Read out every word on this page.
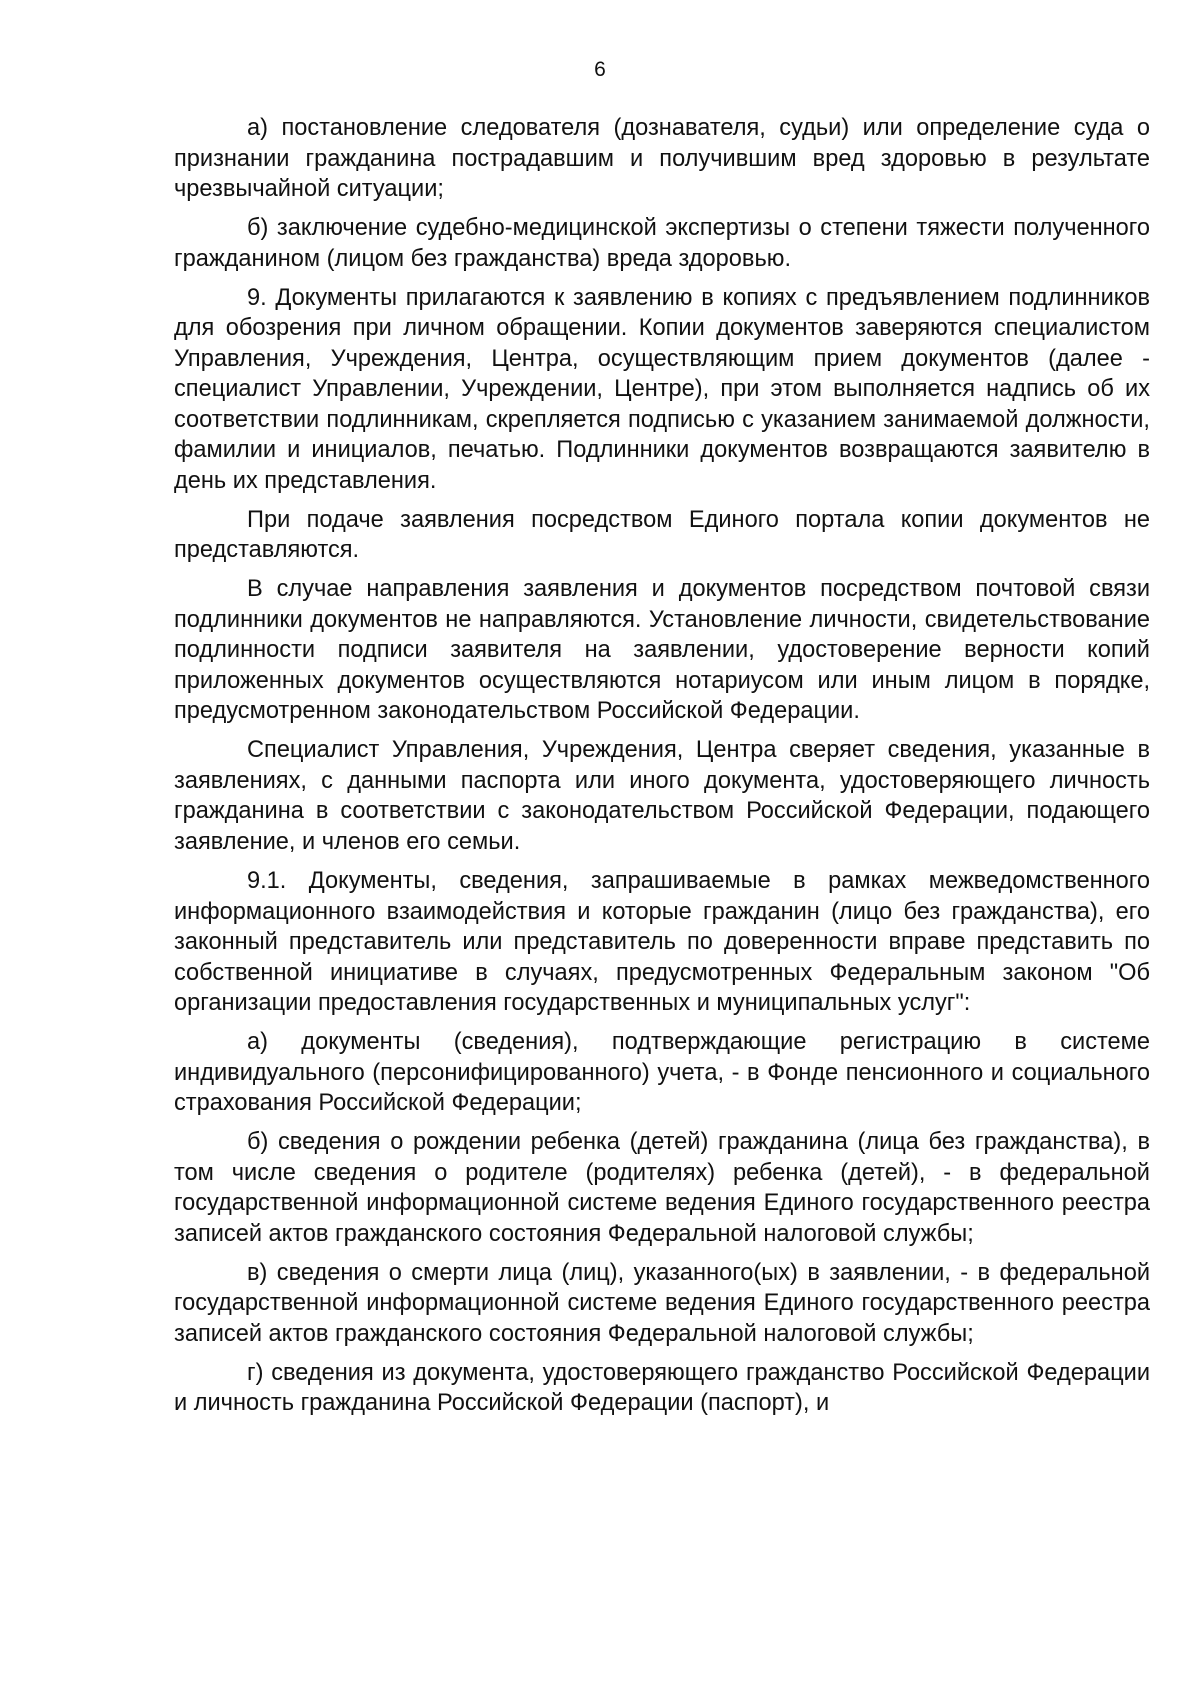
6

а) постановление следователя (дознавателя, судьи) или определение суда о признании гражданина пострадавшим и получившим вред здоровью в результате чрезвычайной ситуации;

б) заключение судебно-медицинской экспертизы о степени тяжести полученного гражданином (лицом без гражданства) вреда здоровью.

9. Документы прилагаются к заявлению в копиях с предъявлением подлинников для обозрения при личном обращении. Копии документов заверяются специалистом Управления, Учреждения, Центра, осуществляющим прием документов (далее - специалист Управлении, Учреждении, Центре), при этом выполняется надпись об их соответствии подлинникам, скрепляется подписью с указанием занимаемой должности, фамилии и инициалов, печатью. Подлинники документов возвращаются заявителю в день их представления.

При подаче заявления посредством Единого портала копии документов не представляются.

В случае направления заявления и документов посредством почтовой связи подлинники документов не направляются. Установление личности, свидетельствование подлинности подписи заявителя на заявлении, удостоверение верности копий приложенных документов осуществляются нотариусом или иным лицом в порядке, предусмотренном законодательством Российской Федерации.

Специалист Управления, Учреждения, Центра сверяет сведения, указанные в заявлениях, с данными паспорта или иного документа, удостоверяющего личность гражданина в соответствии с законодательством Российской Федерации, подающего заявление, и членов его семьи.

9.1. Документы, сведения, запрашиваемые в рамках межведомственного информационного взаимодействия и которые гражданин (лицо без гражданства), его законный представитель или представитель по доверенности вправе представить по собственной инициативе в случаях, предусмотренных Федеральным законом "Об организации предоставления государственных и муниципальных услуг":

а) документы (сведения), подтверждающие регистрацию в системе индивидуального (персонифицированного) учета, - в Фонде пенсионного и социального страхования Российской Федерации;

б) сведения о рождении ребенка (детей) гражданина (лица без гражданства), в том числе сведения о родителе (родителях) ребенка (детей), - в федеральной государственной информационной системе ведения Единого государственного реестра записей актов гражданского состояния Федеральной налоговой службы;

в) сведения о смерти лица (лиц), указанного(ых) в заявлении, - в федеральной государственной информационной системе ведения Единого государственного реестра записей актов гражданского состояния Федеральной налоговой службы;

г) сведения из документа, удостоверяющего гражданство Российской Федерации и личность гражданина Российской Федерации (паспорт), и
